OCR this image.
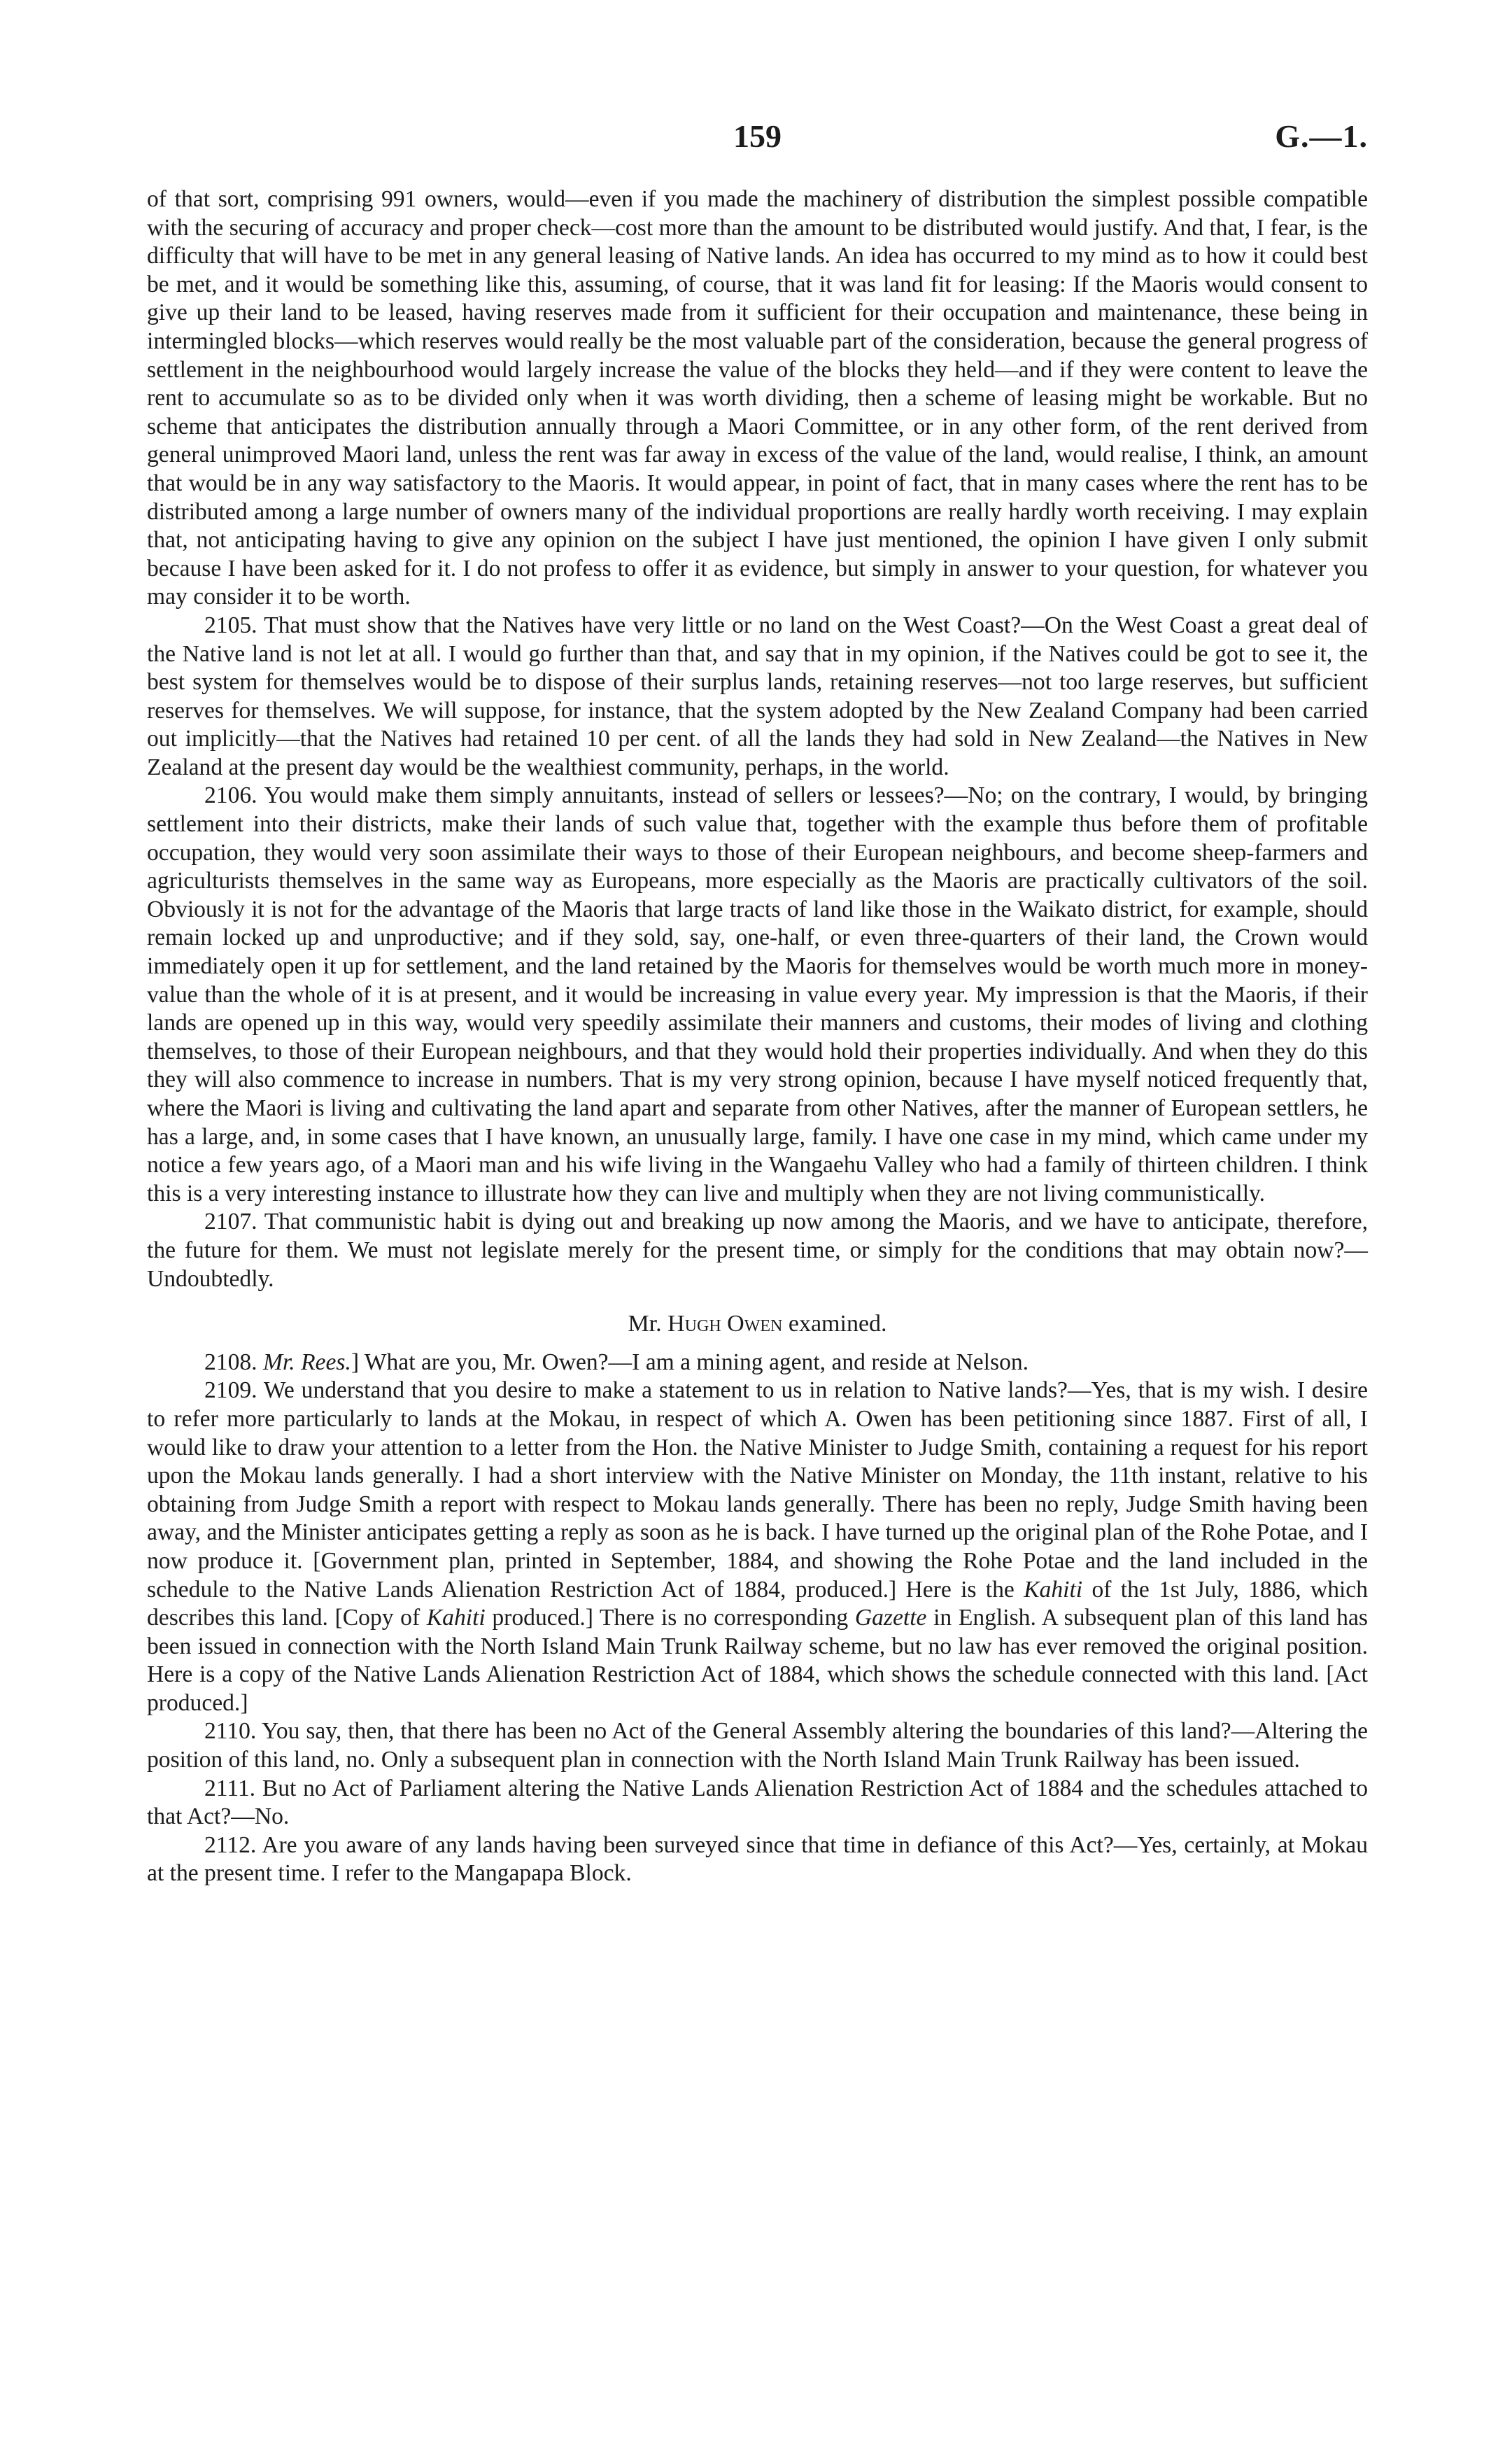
159	G.—1.

of that sort, comprising 991 owners, would—even if you made the machinery of distribution the simplest possible compatible with the securing of accuracy and proper check—cost more than the amount to be distributed would justify. And that, I fear, is the difficulty that will have to be met in any general leasing of Native lands. An idea has occurred to my mind as to how it could best be met, and it would be something like this, assuming, of course, that it was land fit for leasing: If the Maoris would consent to give up their land to be leased, having reserves made from it sufficient for their occupation and maintenance, these being in intermingled blocks—which reserves would really be the most valuable part of the consideration, because the general progress of settlement in the neighbourhood would largely increase the value of the blocks they held—and if they were content to leave the rent to accumulate so as to be divided only when it was worth dividing, then a scheme of leasing might be workable. But no scheme that anticipates the distribution annually through a Maori Committee, or in any other form, of the rent derived from general unimproved Maori land, unless the rent was far away in excess of the value of the land, would realise, I think, an amount that would be in any way satisfactory to the Maoris. It would appear, in point of fact, that in many cases where the rent has to be distributed among a large number of owners many of the individual proportions are really hardly worth receiving. I may explain that, not anticipating having to give any opinion on the subject I have just mentioned, the opinion I have given I only submit because I have been asked for it. I do not profess to offer it as evidence, but simply in answer to your question, for whatever you may consider it to be worth.

2105. That must show that the Natives have very little or no land on the West Coast?—On the West Coast a great deal of the Native land is not let at all. I would go further than that, and say that in my opinion, if the Natives could be got to see it, the best system for themselves would be to dispose of their surplus lands, retaining reserves—not too large reserves, but sufficient reserves for themselves. We will suppose, for instance, that the system adopted by the New Zealand Company had been carried out implicitly—that the Natives had retained 10 per cent. of all the lands they had sold in New Zealand—the Natives in New Zealand at the present day would be the wealthiest community, perhaps, in the world.

2106. You would make them simply annuitants, instead of sellers or lessees?—No; on the contrary, I would, by bringing settlement into their districts, make their lands of such value that, together with the example thus before them of profitable occupation, they would very soon assimilate their ways to those of their European neighbours, and become sheep-farmers and agriculturists themselves in the same way as Europeans, more especially as the Maoris are practically cultivators of the soil. Obviously it is not for the advantage of the Maoris that large tracts of land like those in the Waikato district, for example, should remain locked up and unproductive; and if they sold, say, one-half, or even three-quarters of their land, the Crown would immediately open it up for settlement, and the land retained by the Maoris for themselves would be worth much more in money-value than the whole of it is at present, and it would be increasing in value every year. My impression is that the Maoris, if their lands are opened up in this way, would very speedily assimilate their manners and customs, their modes of living and clothing themselves, to those of their European neighbours, and that they would hold their properties individually. And when they do this they will also commence to increase in numbers. That is my very strong opinion, because I have myself noticed frequently that, where the Maori is living and cultivating the land apart and separate from other Natives, after the manner of European settlers, he has a large, and, in some cases that I have known, an unusually large, family. I have one case in my mind, which came under my notice a few years ago, of a Maori man and his wife living in the Wangaehu Valley who had a family of thirteen children. I think this is a very interesting instance to illustrate how they can live and multiply when they are not living communistically.

2107. That communistic habit is dying out and breaking up now among the Maoris, and we have to anticipate, therefore, the future for them. We must not legislate merely for the present time, or simply for the conditions that may obtain now?—Undoubtedly.

Mr. Hugh Owen examined.

2108. Mr. Rees.] What are you, Mr. Owen?—I am a mining agent, and reside at Nelson.

2109. We understand that you desire to make a statement to us in relation to Native lands?—Yes, that is my wish. I desire to refer more particularly to lands at the Mokau, in respect of which A. Owen has been petitioning since 1887. First of all, I would like to draw your attention to a letter from the Hon. the Native Minister to Judge Smith, containing a request for his report upon the Mokau lands generally. I had a short interview with the Native Minister on Monday, the 11th instant, relative to his obtaining from Judge Smith a report with respect to Mokau lands generally. There has been no reply, Judge Smith having been away, and the Minister anticipates getting a reply as soon as he is back. I have turned up the original plan of the Rohe Potae, and I now produce it. [Government plan, printed in September, 1884, and showing the Rohe Potae and the land included in the schedule to the Native Lands Alienation Restriction Act of 1884, produced.] Here is the Kahiti of the 1st July, 1886, which describes this land. [Copy of Kahiti produced.] There is no corresponding Gazette in English. A subsequent plan of this land has been issued in connection with the North Island Main Trunk Railway scheme, but no law has ever removed the original position. Here is a copy of the Native Lands Alienation Restriction Act of 1884, which shows the schedule connected with this land. [Act produced.]

2110. You say, then, that there has been no Act of the General Assembly altering the boundaries of this land?—Altering the position of this land, no. Only a subsequent plan in connection with the North Island Main Trunk Railway has been issued.

2111. But no Act of Parliament altering the Native Lands Alienation Restriction Act of 1884 and the schedules attached to that Act?—No.

2112. Are you aware of any lands having been surveyed since that time in defiance of this Act?—Yes, certainly, at Mokau at the present time. I refer to the Mangapapa Block.
